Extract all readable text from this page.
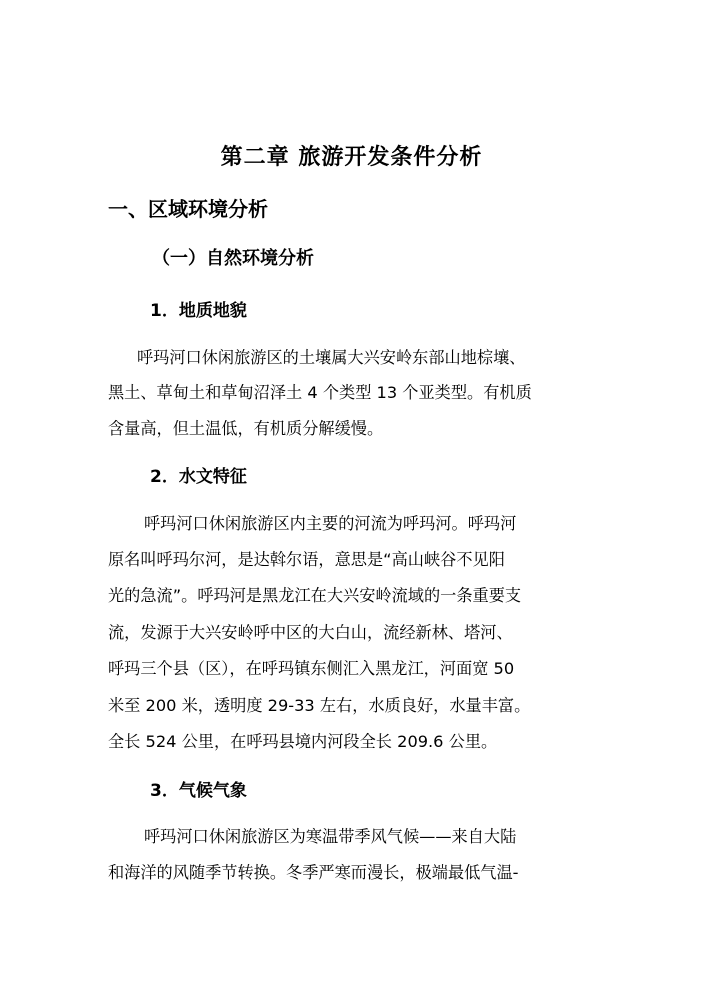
第二章 旅游开发条件分析
一、区域环境分析
（一）自然环境分析
1．地质地貌
呼玛河口休闲旅游区的土壤属大兴安岭东部山地棕壤、
黑土、草甸土和草甸沼泽土 4 个类型 13 个亚类型。有机质
含量高，但土温低，有机质分解缓慢。
2．水文特征
呼玛河口休闲旅游区内主要的河流为呼玛河。呼玛河
原名叫呼玛尔河，是达斡尔语，意思是“高山峡谷不见阳
光的急流”。呼玛河是黑龙江在大兴安岭流域的一条重要支
流，发源于大兴安岭呼中区的大白山，流经新林、塔河、
呼玛三个县（区），在呼玛镇东侧汇入黑龙江，河面宽 50
米至 200 米，透明度 29-33 左右，水质良好，水量丰富。
全长 524 公里，在呼玛县境内河段全长 209.6 公里。
3．气候气象
呼玛河口休闲旅游区为寒温带季风气候——来自大陆
和海洋的风随季节转换。冬季严寒而漫长，极端最低气温-
